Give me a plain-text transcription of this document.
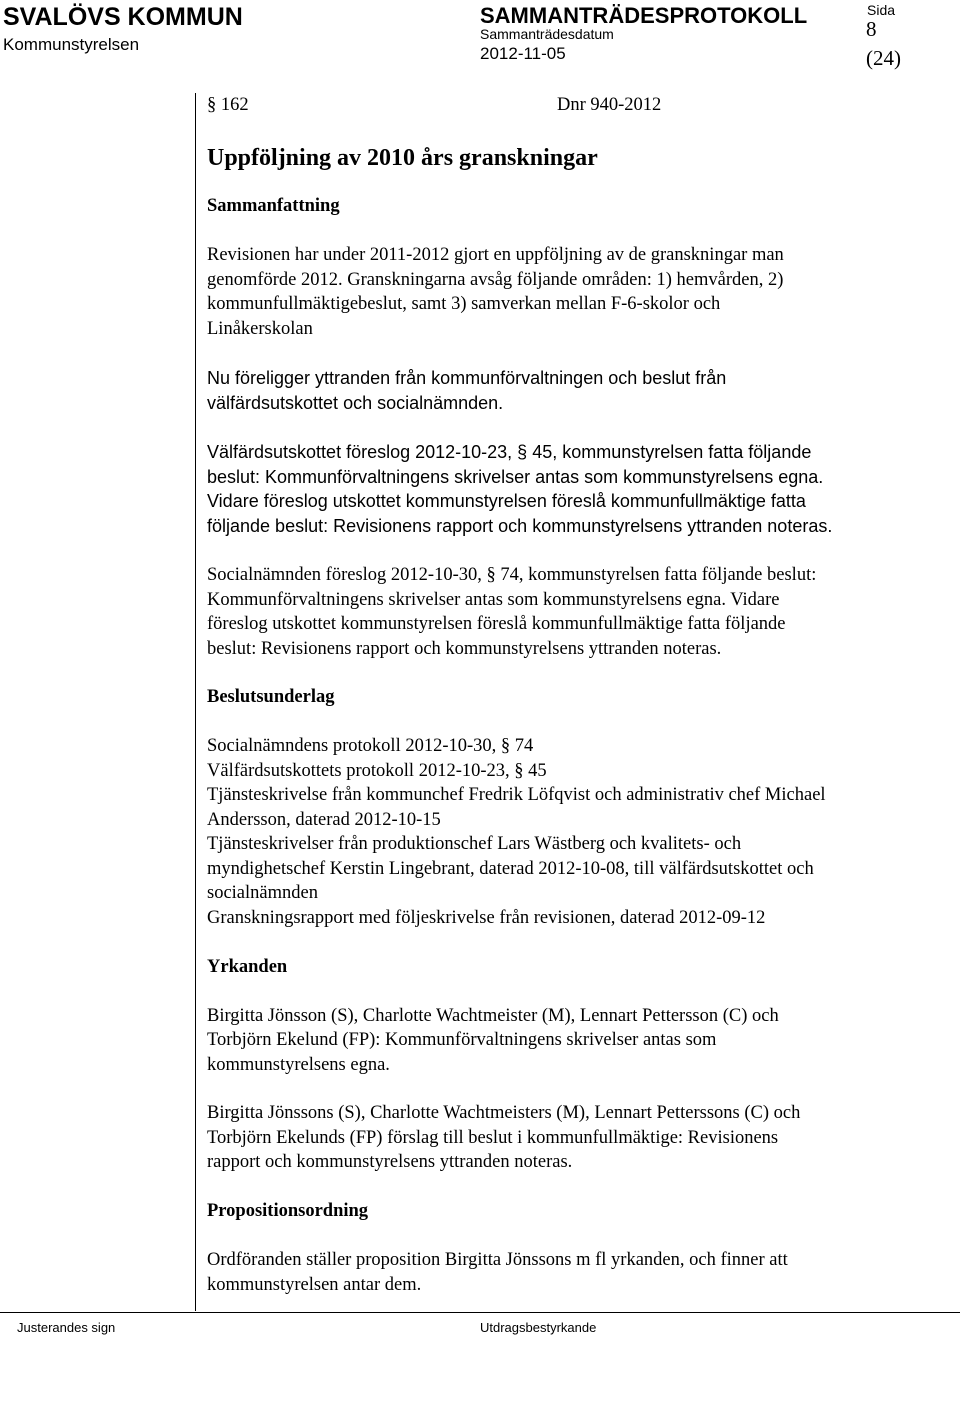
SVALÖVS KOMMUN
Kommunstyrelsen
SAMMANTRÄDESPROTOKOLL
Sammanträdesdatum
2012-11-05
Sida
8
(24)
§ 162	Dnr 940-2012
Uppföljning av 2010 års granskningar
Sammanfattning
Revisionen har under 2011-2012 gjort en uppföljning av de granskningar man
genomförde 2012. Granskningarna avsåg följande områden: 1) hemvården, 2)
kommunfullmäktigebeslut, samt 3) samverkan mellan F-6-skolor och
Linåkerskolan
Nu föreligger yttranden från kommunförvaltningen och beslut från
välfärdsutskottet och socialnämnden.
Välfärdsutskottet föreslog 2012-10-23, § 45, kommunstyrelsen fatta följande
beslut: Kommunförvaltningens skrivelser antas som kommunstyrelsens egna.
Vidare föreslog utskottet kommunstyrelsen föreslå kommunfullmäktige fatta
följande beslut: Revisionens rapport och kommunstyrelsens yttranden noteras.
Socialnämnden föreslog 2012-10-30, § 74, kommunstyrelsen fatta följande beslut:
Kommunförvaltningens skrivelser antas som kommunstyrelsens egna. Vidare
föreslog utskottet kommunstyrelsen föreslå kommunfullmäktige fatta följande
beslut: Revisionens rapport och kommunstyrelsens yttranden noteras.
Beslutsunderlag
Socialnämndens protokoll 2012-10-30, § 74
Välfärdsutskottets protokoll 2012-10-23, § 45
Tjänsteskrivelse från kommunchef Fredrik Löfqvist och administrativ chef Michael
Andersson, daterad 2012-10-15
Tjänsteskrivelser från produktionschef Lars Wästberg och kvalitets- och
myndighetschef Kerstin Lingebrant, daterad 2012-10-08, till välfärdsutskottet och
socialnämnden
Granskningsrapport med följeskrivelse från revisionen, daterad 2012-09-12
Yrkanden
Birgitta Jönsson (S), Charlotte Wachtmeister (M), Lennart Pettersson (C) och
Torbjörn Ekelund (FP): Kommunförvaltningens skrivelser antas som
kommunstyrelsens egna.
Birgitta Jönssons (S), Charlotte Wachtmeisters (M), Lennart Petterssons (C) och
Torbjörn Ekelunds (FP) förslag till beslut i kommunfullmäktige: Revisionens
rapport och kommunstyrelsens yttranden noteras.
Propositionsordning
Ordföranden ställer proposition Birgitta Jönssons m fl yrkanden, och finner att
kommunstyrelsen antar dem.
Justerandes sign	Utdragsbestyrkande
